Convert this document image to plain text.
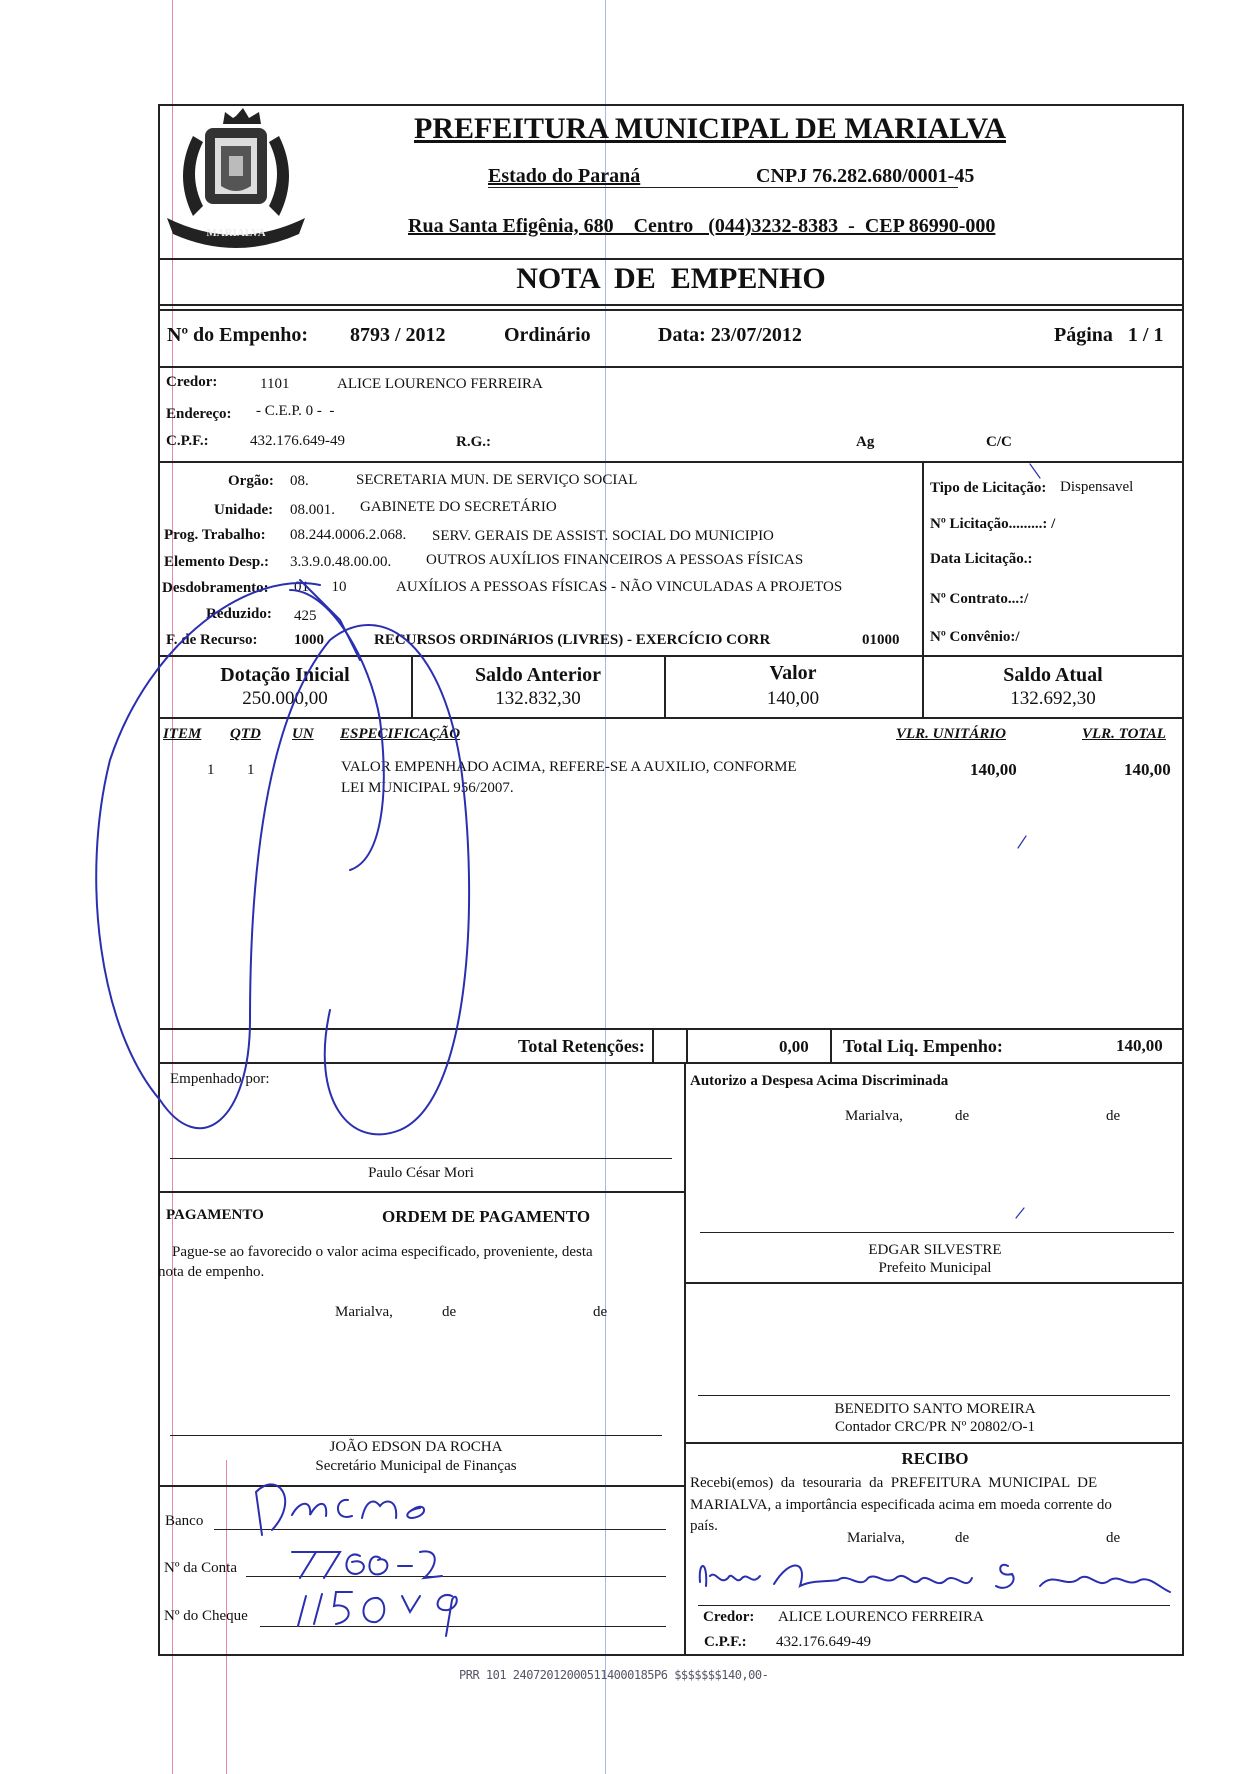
MARIALVA
PREFEITURA MUNICIPAL DE MARIALVA
Estado do Paraná	CNPJ 76.282.680/0001-45
Rua Santa Efigênia, 680    Centro   (044)3232-8383  -  CEP 86990-000
NOTA  DE  EMPENHO
Nº do Empenho: 8793 / 2012	Ordinário	Data: 23/07/2012	Página   1 / 1
Credor:	1101	ALICE LOURENCO FERREIRA
Endereço: - C.E.P. 0 -  -
C.P.F.:	432.176.649-49	R.G.:	Ag	C/C
Orgão: 08.	SECRETARIA MUN. DE SERVIÇO SOCIAL
Unidade: 08.001. GABINETE DO SECRETÁRIO
Prog. Trabalho: 08.244.0006.2.068. SERV. GERAIS DE ASSIST. SOCIAL DO MUNICIPIO
Elemento Desp.: 3.3.9.0.48.00.00. OUTROS AUXÍLIOS FINANCEIROS A PESSOAS FÍSICAS
Desdobramento: 01      10	AUXÍLIOS A PESSOAS FÍSICAS - NÃO VINCULADAS A PROJETOS
Reduzido: 425
F. de Recurso: 1000	RECURSOS ORDINáRIOS (LIVRES) - EXERCÍCIO CORR	01000
Tipo de Licitação: Dispensavel
Nº Licitação.........: /
Data Licitação.:
Nº Contrato...:/
Nº Convênio:/
Dotação Inicial
250.000,00
Saldo Anterior
132.832,30
Valor
140,00
Saldo Atual
132.692,30
ITEM QTD UN ESPECIFICAÇÃO	VLR. UNITÁRIO	VLR. TOTAL
1 1	VALOR EMPENHADO ACIMA, REFERE-SE A AUXILIO, CONFORME
LEI MUNICIPAL 956/2007.
140,00	140,00
Total Retenções:	0,00 Total Liq. Empenho:	140,00
Empenhado por:
Paulo César Mori
PAGAMENTO	ORDEM DE PAGAMENTO
Pague-se ao favorecido o valor acima especificado, proveniente, desta
nota de empenho.
Marialva,	de	de
JOÃO EDSON DA ROCHA
Secretário Municipal de Finanças
Banco
Nº da Conta
Nº do Cheque
Autorizo a Despesa Acima Discriminada
Marialva,	de	de
EDGAR SILVESTRE
Prefeito Municipal
BENEDITO SANTO MOREIRA
Contador CRC/PR Nº 20802/O-1
RECIBO
Recebi(emos)  da  tesouraria  da  PREFEITURA  MUNICIPAL  DE
MARIALVA, a importância especificada acima em moeda corrente do
país.
Marialva,	de	de
Credor: ALICE LOURENCO FERREIRA
C.P.F.: 432.176.649-49
PRR 101 240720120005114000185P6 $$$$$$$140,00-
